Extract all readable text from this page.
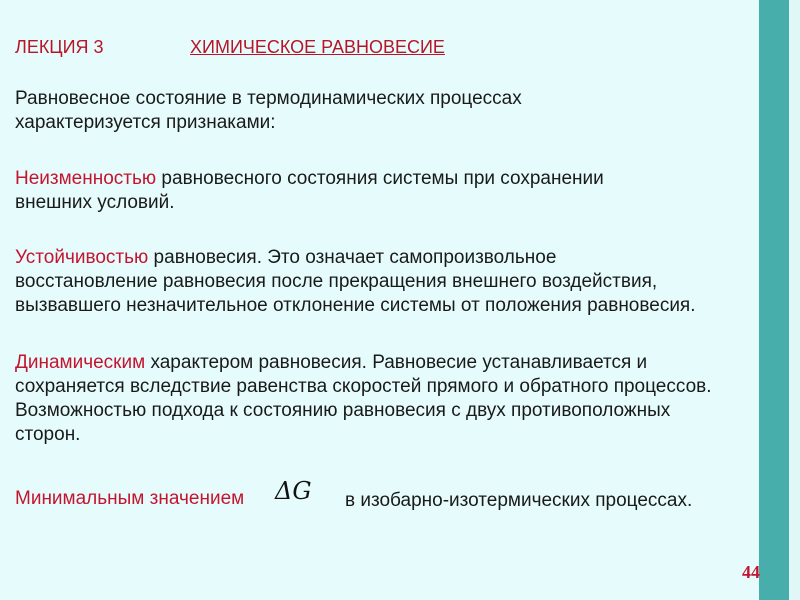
ЛЕКЦИЯ 3	ХИМИЧЕСКОЕ РАВНОВЕСИЕ
Равновесное состояние в термодинамических процессах
характеризуется признаками:
Неизменностью равновесного состояния системы при сохранении
внешних условий.
Устойчивостью равновесия. Это означает самопроизвольное
восстановление равновесия после прекращения внешнего воздействия,
вызвавшего незначительное отклонение системы от положения равновесия.
Динамическим характером равновесия. Равновесие устанавливается и
сохраняется вследствие равенства скоростей прямого и обратного процессов.
Возможностью подхода к состоянию равновесия с двух противоположных
сторон.
Минимальным значением ΔG в изобарно-изотермических процессах.
44
